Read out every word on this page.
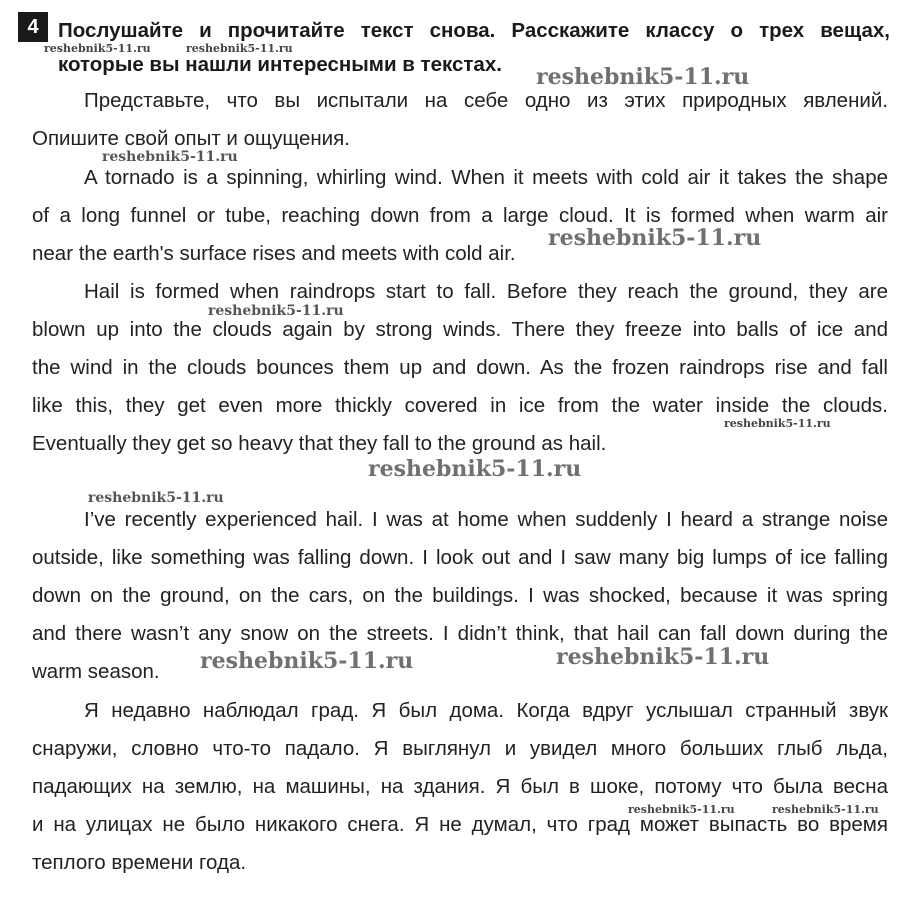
4 Послушайте и прочитайте текст снова. Расскажите классу о трех вещах,
которые вы нашли интересными в текстах.
Представьте, что вы испытали на себе одно из этих природных явлений.
Опишите свой опыт и ощущения.
A tornado is a spinning, whirling wind. When it meets with cold air it takes the shape
of a long funnel or tube, reaching down from a large cloud. It is formed when warm air
near the earth's surface rises and meets with cold air.
Hail is formed when raindrops start to fall. Before they reach the ground, they are
blown up into the clouds again by strong winds. There they freeze into balls of ice and
the wind in the clouds bounces them up and down. As the frozen raindrops rise and fall
like this, they get even more thickly covered in ice from the water inside the clouds.
Eventually they get so heavy that they fall to the ground as hail.
I’ve recently experienced hail. I was at home when suddenly I heard a strange noise
outside, like something was falling down. I look out and I saw many big lumps of ice falling
down on the ground, on the cars, on the buildings. I was shocked, because it was spring
and there wasn’t any snow on the streets. I didn’t think, that hail can fall down during the
warm season.
Я недавно наблюдал град. Я был дома. Когда вдруг услышал странный звук
снаружи, словно что-то падало. Я выглянул и увидел много больших глыб льда,
падающих на землю, на машины, на здания. Я был в шоке, потому что была весна
и на улицах не было никакого снега. Я не думал, что град может выпасть во время
теплого времени года.
reshebnik5-11.ru	reshebnik5-11.ru
reshebnik5-11.ru
reshebnik5-11.ru
reshebnik5-11.ru
reshebnik5-11.ru
reshebnik5-11.ru
reshebnik5-11.ru
reshebnik5-11.ru
reshebnik5-11.ru	reshebnik5-11.ru
reshebnik5-11.ru	reshebnik5-11.ru
